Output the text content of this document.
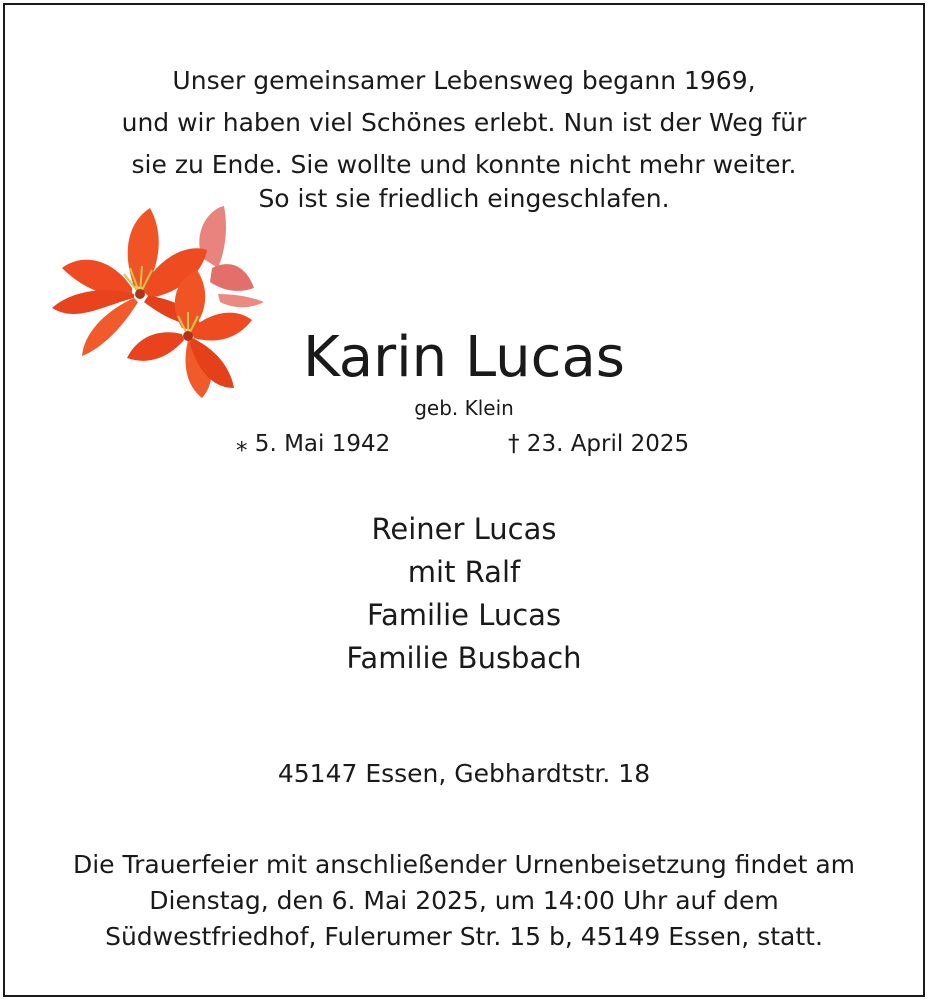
Unser gemeinsamer Lebensweg begann 1969,
und wir haben viel Schönes erlebt. Nun ist der Weg für
sie zu Ende. Sie wollte und konnte nicht mehr weiter.
So ist sie friedlich eingeschlafen.
Karin Lucas
geb. Klein
⁎ 5. Mai 1942	† 23. April 2025
Reiner Lucas
mit Ralf
Familie Lucas
Familie Busbach
45147 Essen, Gebhardtstr. 18
Die Trauerfeier mit anschließender Urnenbeisetzung findet am
Dienstag, den 6. Mai 2025, um 14:00 Uhr auf dem
Südwestfriedhof, Fulerumer Str. 15 b, 45149 Essen, statt.
